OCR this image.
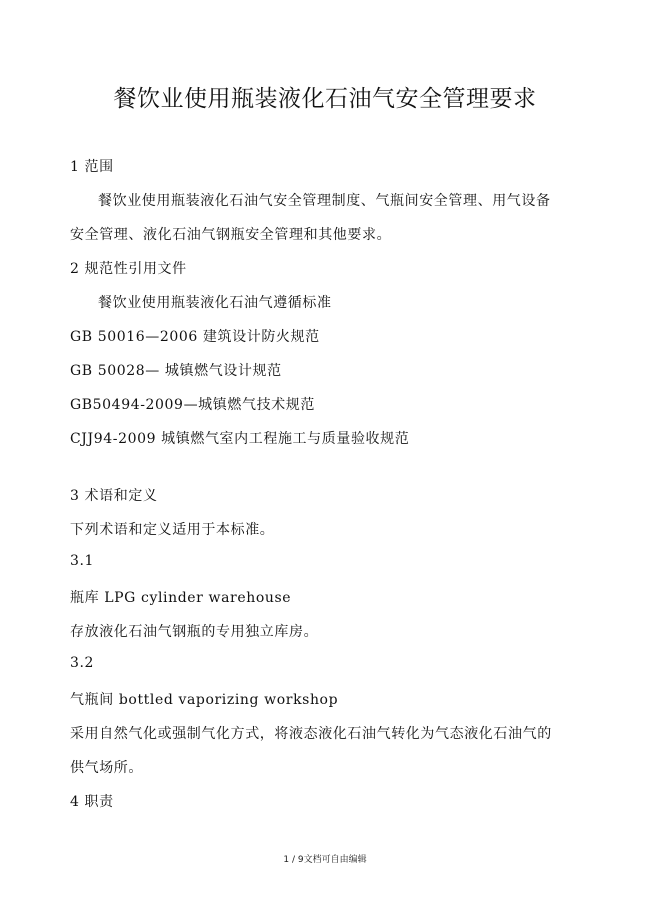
餐饮业使用瓶装液化石油气安全管理要求
1 范围
餐饮业使用瓶装液化石油气安全管理制度、气瓶间安全管理、用气设备
安全管理、液化石油气钢瓶安全管理和其他要求。
2 规范性引用文件
餐饮业使用瓶装液化石油气遵循标准
GB 50016—2006 建筑设计防火规范
GB 50028— 城镇燃气设计规范
GB50494-2009—城镇燃气技术规范
CJJ94-2009 城镇燃气室内工程施工与质量验收规范
3 术语和定义
下列术语和定义适用于本标准。
3.1
瓶库 LPG cylinder warehouse
存放液化石油气钢瓶的专用独立库房。
3.2
气瓶间 bottled vaporizing workshop
采用自然气化或强制气化方式，将液态液化石油气转化为气态液化石油气的
供气场所。
4 职责
1 / 9文档可自由编辑
